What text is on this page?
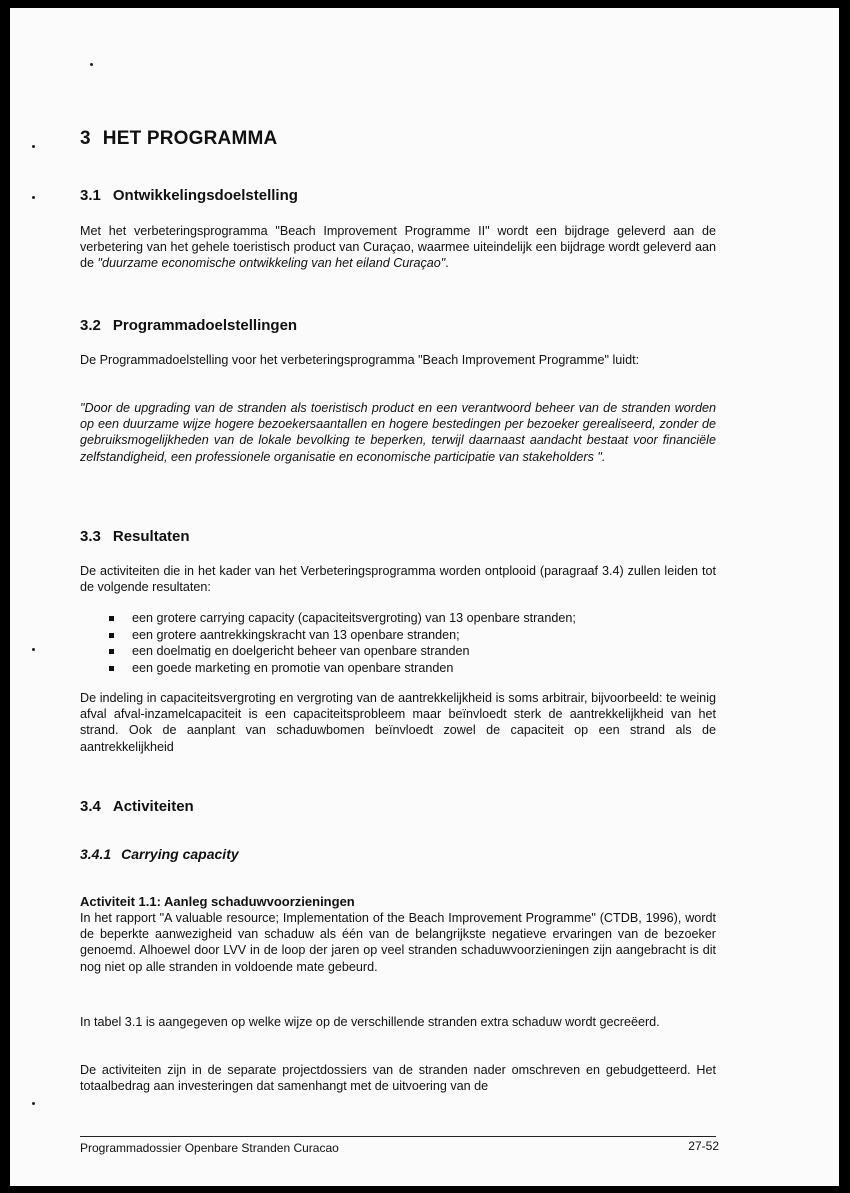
3 HET PROGRAMMA
3.1 Ontwikkelingsdoelstelling

Met het verbeteringsprogramma "Beach Improvement Programme II" wordt een bijdrage geleverd aan de verbetering van het gehele toeristisch product van Curaçao, waarmee uiteindelijk een bijdrage wordt geleverd aan de "duurzame economische ontwikkeling van het eiland Curaçao".

3.2 Programmadoelstellingen

De Programmadoelstelling voor het verbeteringsprogramma "Beach Improvement Programme" luidt:

"Door de upgrading van de stranden als toeristisch product en een verantwoord beheer van de stranden worden op een duurzame wijze hogere bezoekersaantallen en hogere bestedingen per bezoeker gerealiseerd, zonder de gebruiksmogelijkheden van de lokale bevolking te beperken, terwijl daarnaast aandacht bestaat voor financiële zelfstandigheid, een professionele organisatie en economische participatie van stakeholders ".

3.3 Resultaten

De activiteiten die in het kader van het Verbeteringsprogramma worden ontplooid (paragraaf 3.4) zullen leiden tot de volgende resultaten:

een grotere carrying capacity (capaciteitsvergroting) van 13 openbare stranden;
een grotere aantrekkingskracht van 13 openbare stranden;
een doelmatig en doelgericht beheer van openbare stranden
een goede marketing en promotie van openbare stranden

De indeling in capaciteitsvergroting en vergroting van de aantrekkelijkheid is soms arbitrair, bijvoorbeeld: te weinig afval afval-inzamelcapaciteit is een capaciteitsprobleem maar beïnvloedt sterk de aantrekkelijkheid van het strand. Ook de aanplant van schaduwbomen beïnvloedt zowel de capaciteit op een strand als de aantrekkelijkheid

3.4 Activiteiten
3.4.1 Carrying capacity
Activiteit 1.1: Aanleg schaduwvoorzieningen

In het rapport "A valuable resource; Implementation of the Beach Improvement Programme" (CTDB, 1996), wordt de beperkte aanwezigheid van schaduw als één van de belangrijkste negatieve ervaringen van de bezoeker genoemd. Alhoewel door LVV in de loop der jaren op veel stranden schaduwvoorzieningen zijn aangebracht is dit nog niet op alle stranden in voldoende mate gebeurd.

In tabel 3.1 is aangegeven op welke wijze op de verschillende stranden extra schaduw wordt gecreëerd.

De activiteiten zijn in de separate projectdossiers van de stranden nader omschreven en gebudgetteerd. Het totaalbedrag aan investeringen dat samenhangt met de uitvoering van de

Programmadossier Openbare Stranden Curacao	27-52
